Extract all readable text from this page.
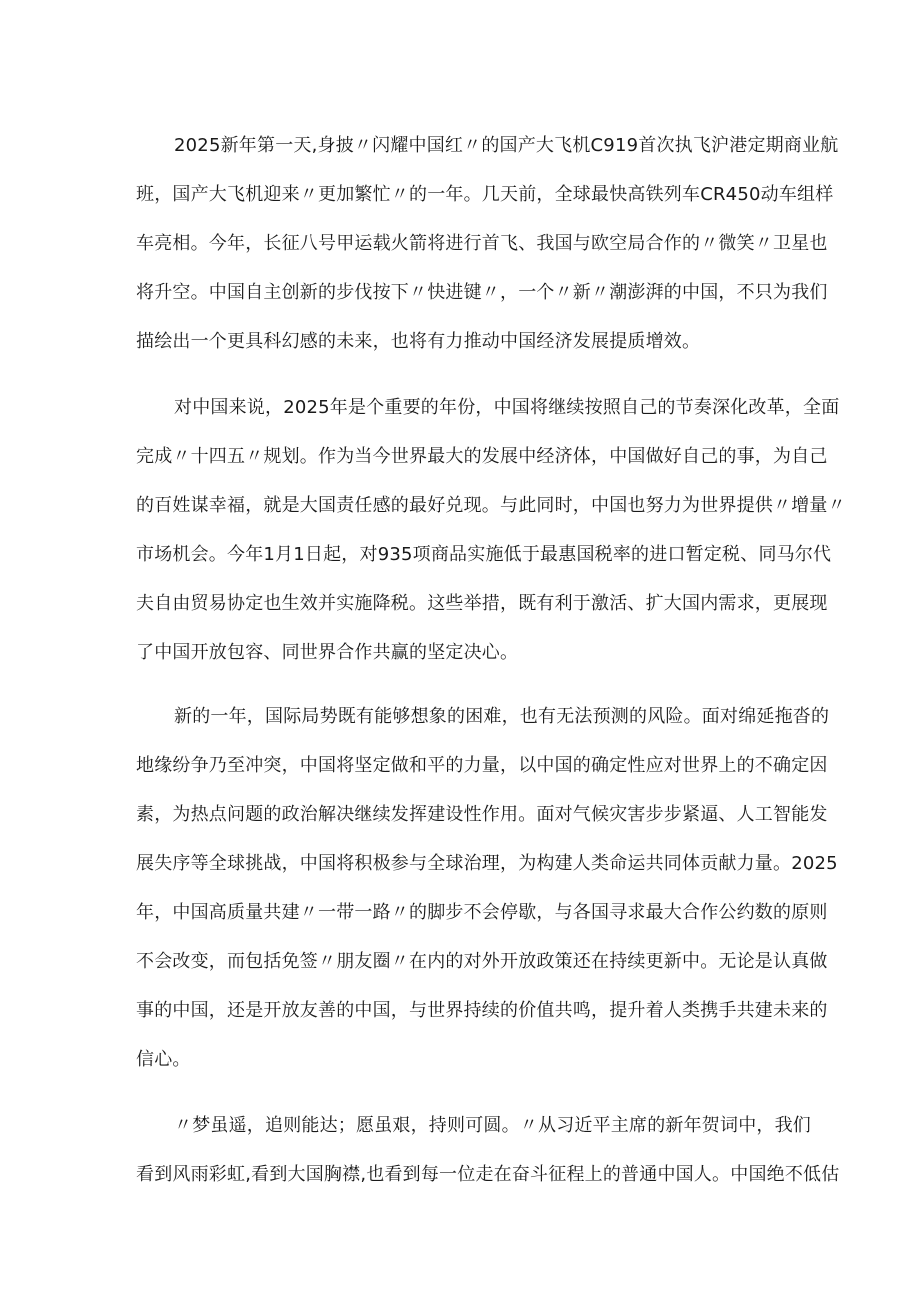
2025新年第一天,身披〃闪耀中国红〃的国产大飞机C919首次执飞沪港定期商业航

班，国产大飞机迎来〃更加繁忙〃的一年。几天前，全球最快高铁列车CR450动车组样

车亮相。今年，长征八号甲运载火箭将进行首飞、我国与欧空局合作的〃微笑〃卫星也

将升空。中国自主创新的步伐按下〃快进键〃，一个〃新〃潮澎湃的中国，不只为我们

描绘出一个更具科幻感的未来，也将有力推动中国经济发展提质增效。

对中国来说，2025年是个重要的年份，中国将继续按照自己的节奏深化改革，全面

完成〃十四五〃规划。作为当今世界最大的发展中经济体，中国做好自己的事，为自己

的百姓谋幸福，就是大国责任感的最好兑现。与此同时，中国也努力为世界提供〃增量〃

市场机会。今年1月1日起，对935项商品实施低于最惠国税率的进口暂定税、同马尔代

夫自由贸易协定也生效并实施降税。这些举措，既有利于激活、扩大国内需求，更展现

了中国开放包容、同世界合作共赢的坚定决心。

新的一年，国际局势既有能够想象的困难，也有无法预测的风险。面对绵延拖沓的

地缘纷争乃至冲突，中国将坚定做和平的力量，以中国的确定性应对世界上的不确定因

素，为热点问题的政治解决继续发挥建设性作用。面对气候灾害步步紧逼、人工智能发

展失序等全球挑战，中国将积极参与全球治理，为构建人类命运共同体贡献力量。2025

年，中国高质量共建〃一带一路〃的脚步不会停歇，与各国寻求最大合作公约数的原则

不会改变，而包括免签〃朋友圈〃在内的对外开放政策还在持续更新中。无论是认真做

事的中国，还是开放友善的中国，与世界持续的价值共鸣，提升着人类携手共建未来的

信心。

〃梦虽遥，追则能达；愿虽艰，持则可圆。〃从习近平主席的新年贺词中，我们

看到风雨彩虹,看到大国胸襟,也看到每一位走在奋斗征程上的普通中国人。中国绝不低估
